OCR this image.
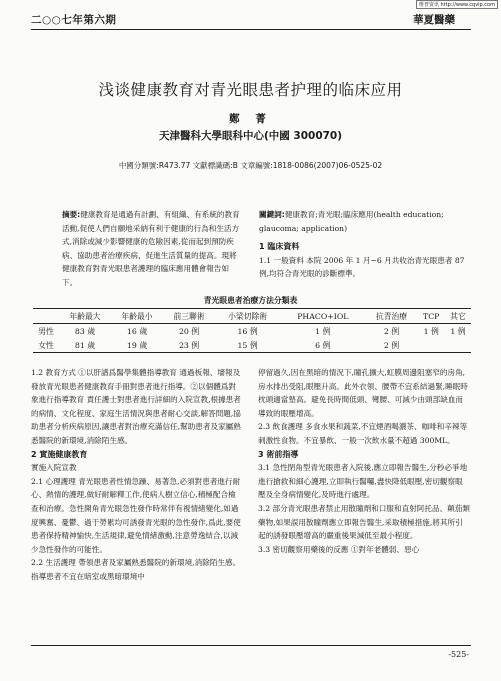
维普资讯 http://www.cqvip.com
二○○七年第六期	華夏醫藥
浅谈健康教育对青光眼患者护理的临床应用
鄭 菁
天津醫科大學眼科中心(中國 300070)
中國分類號:R473.77 文獻標識碼:B 文章編號:1818-0086(2007)06-0525-02
摘要:健康教育是通過有計劃、有組織、有系統的教育活動,促使人們自願地采納有利于健康的行為和生活方式,消除或減少影響健康的危險因素,從而起到預防疾病、協助患者治療疾病、促進生活質量的提高。現將健康教育對青光眼患者護理的臨床應用體會報告如下。

關鍵詞:健康教育;青光眼;臨床應用(health education; glaucoma; application)

1 臨床資料

1.1 一般資料 本院 2006 年 1 月~6 月共收治青光眼患者 87 例,均符合青光眼的診斷標準。

青光眼患者治療方法分類表
	年齡最大	年齡最小	前三聯術	小梁切除術	PHACO+IOL	抗青治療	TCP	其它
男性	83 歲	16 歲	20 例	16 例	1 例	2 例	1 例	1 例
女性	81 歲	19 歲	23 例	15 例	6 例	2 例		

1.2 教育方式 ①以肝譜爲醫學集體指導教育 通過板報、墻報及發放青光眼患者健康教育手冊對患者進行指導。②以個體爲對象進行指導教育 責任護士對患者進行詳細的入院宣教,根據患者的病情、文化程度、家庭生活情況與患者耐心交談,解答問題,協助患者分析疾病原因,讓患者對治療充滿信任,幫助患者及家屬熟悉醫院的新環境,消除陌生感。

2 實施健康教育

實施入院宣教

2.1 心理護理 青光眼患者性情急躁、易著急,必須對患者進行耐心、熱情的護理,做好耐解釋工作,使病人樹立信心,積極配合檢查和治療。急性開角青光眼急性發作時常伴有視情緒變化,如過度興奮、憂鬱、過于勞累均可誘發青光眼的急性發作,爲此,要使患者保持精神愉快,生活規律,避免情緒激動,注意勞逸結合,以減少急性發作的可能性。

2.2 生活護理 帶領患者及家屬熟悉醫院的新環境,消除陌生感。指導患者不宜在暗室或黑暗環境中

停留過久,因在黑暗的情況下,瞳孔擴大,虹膜周邊阻塞窄的房角,房水排出受阻,眼壓升高。此外衣領、腰帶不宜系結過緊,睡眠時枕頭適當墊高。避免長時間低頭、彎腰、可減少由頭部缺血而導致的眼壓增高。

2.3 飲食護理 多食水果和蔬菜,不宜煙酒喝濃茶、咖啡和辛辣等刺激性食物。不宜暴飲、一般一次飲水量不超過 300ML。

3 術前指導

3.1 急性閉角型青光眼患者入院後,應立即報告醫生,分秒必爭地進行搶救和細心護理,立即執行醫囑,盡快降低眼壓,密切觀察眼壓及全身病情變化,及時進行處理。

3.2 部分青光眼患者禁止用散瞳劑和口服和直射阿托品、顛茄類藥物,如果誤用散瞳劑應立即報告醫生,采取積極措施,將其所引起的誘發眼壓增高的嚴重後果減低至最小程度。

3.3 密切觀察用藥後的反應 ①對年老體弱、惡心

-525-
